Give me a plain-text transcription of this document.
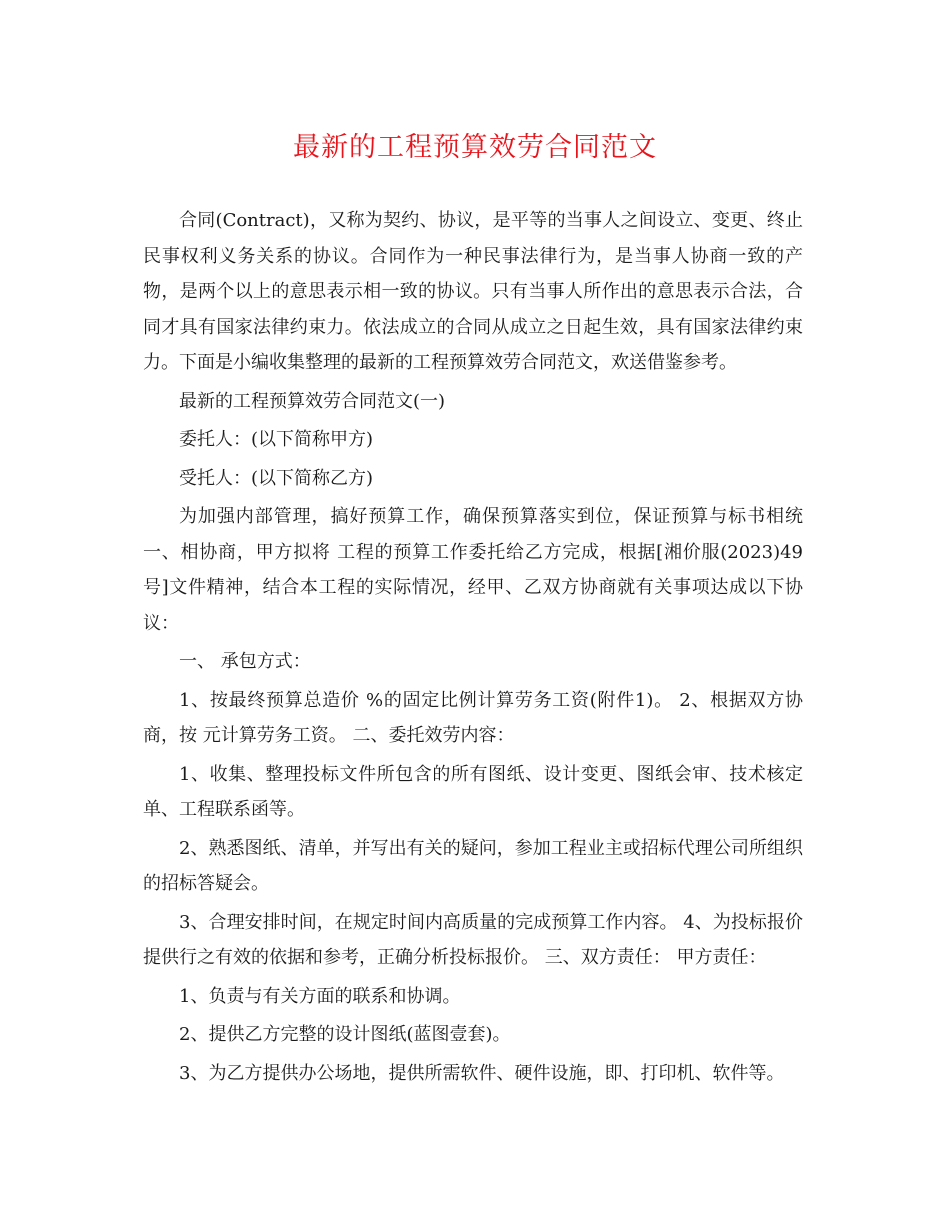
最新的工程预算效劳合同范文

合同(Contract)，又称为契约、协议，是平等的当事人之间设立、变更、终止民事权利义务关系的协议。合同作为一种民事法律行为，是当事人协商一致的产物，是两个以上的意思表示相一致的协议。只有当事人所作出的意思表示合法，合同才具有国家法律约束力。依法成立的合同从成立之日起生效，具有国家法律约束力。下面是小编收集整理的最新的工程预算效劳合同范文，欢送借鉴参考。

最新的工程预算效劳合同范文(一)

委托人：(以下简称甲方)

受托人：(以下简称乙方)

为加强内部管理，搞好预算工作，确保预算落实到位，保证预算与标书相统一、相协商，甲方拟将 工程的预算工作委托给乙方完成，根据[湘价服(2023)49号]文件精神，结合本工程的实际情况，经甲、乙双方协商就有关事项达成以下协议：

一、 承包方式：

1、按最终预算总造价 %的固定比例计算劳务工资(附件1)。 2、根据双方协商，按 元计算劳务工资。 二、委托效劳内容：

1、收集、整理投标文件所包含的所有图纸、设计变更、图纸会审、技术核定单、工程联系函等。

2、熟悉图纸、清单，并写出有关的疑问，参加工程业主或招标代理公司所组织的招标答疑会。

3、合理安排时间，在规定时间内高质量的完成预算工作内容。 4、为投标报价提供行之有效的依据和参考，正确分析投标报价。 三、双方责任： 甲方责任：

1、负责与有关方面的联系和协调。

2、提供乙方完整的设计图纸(蓝图壹套)。

3、为乙方提供办公场地，提供所需软件、硬件设施，即、打印机、软件等。
